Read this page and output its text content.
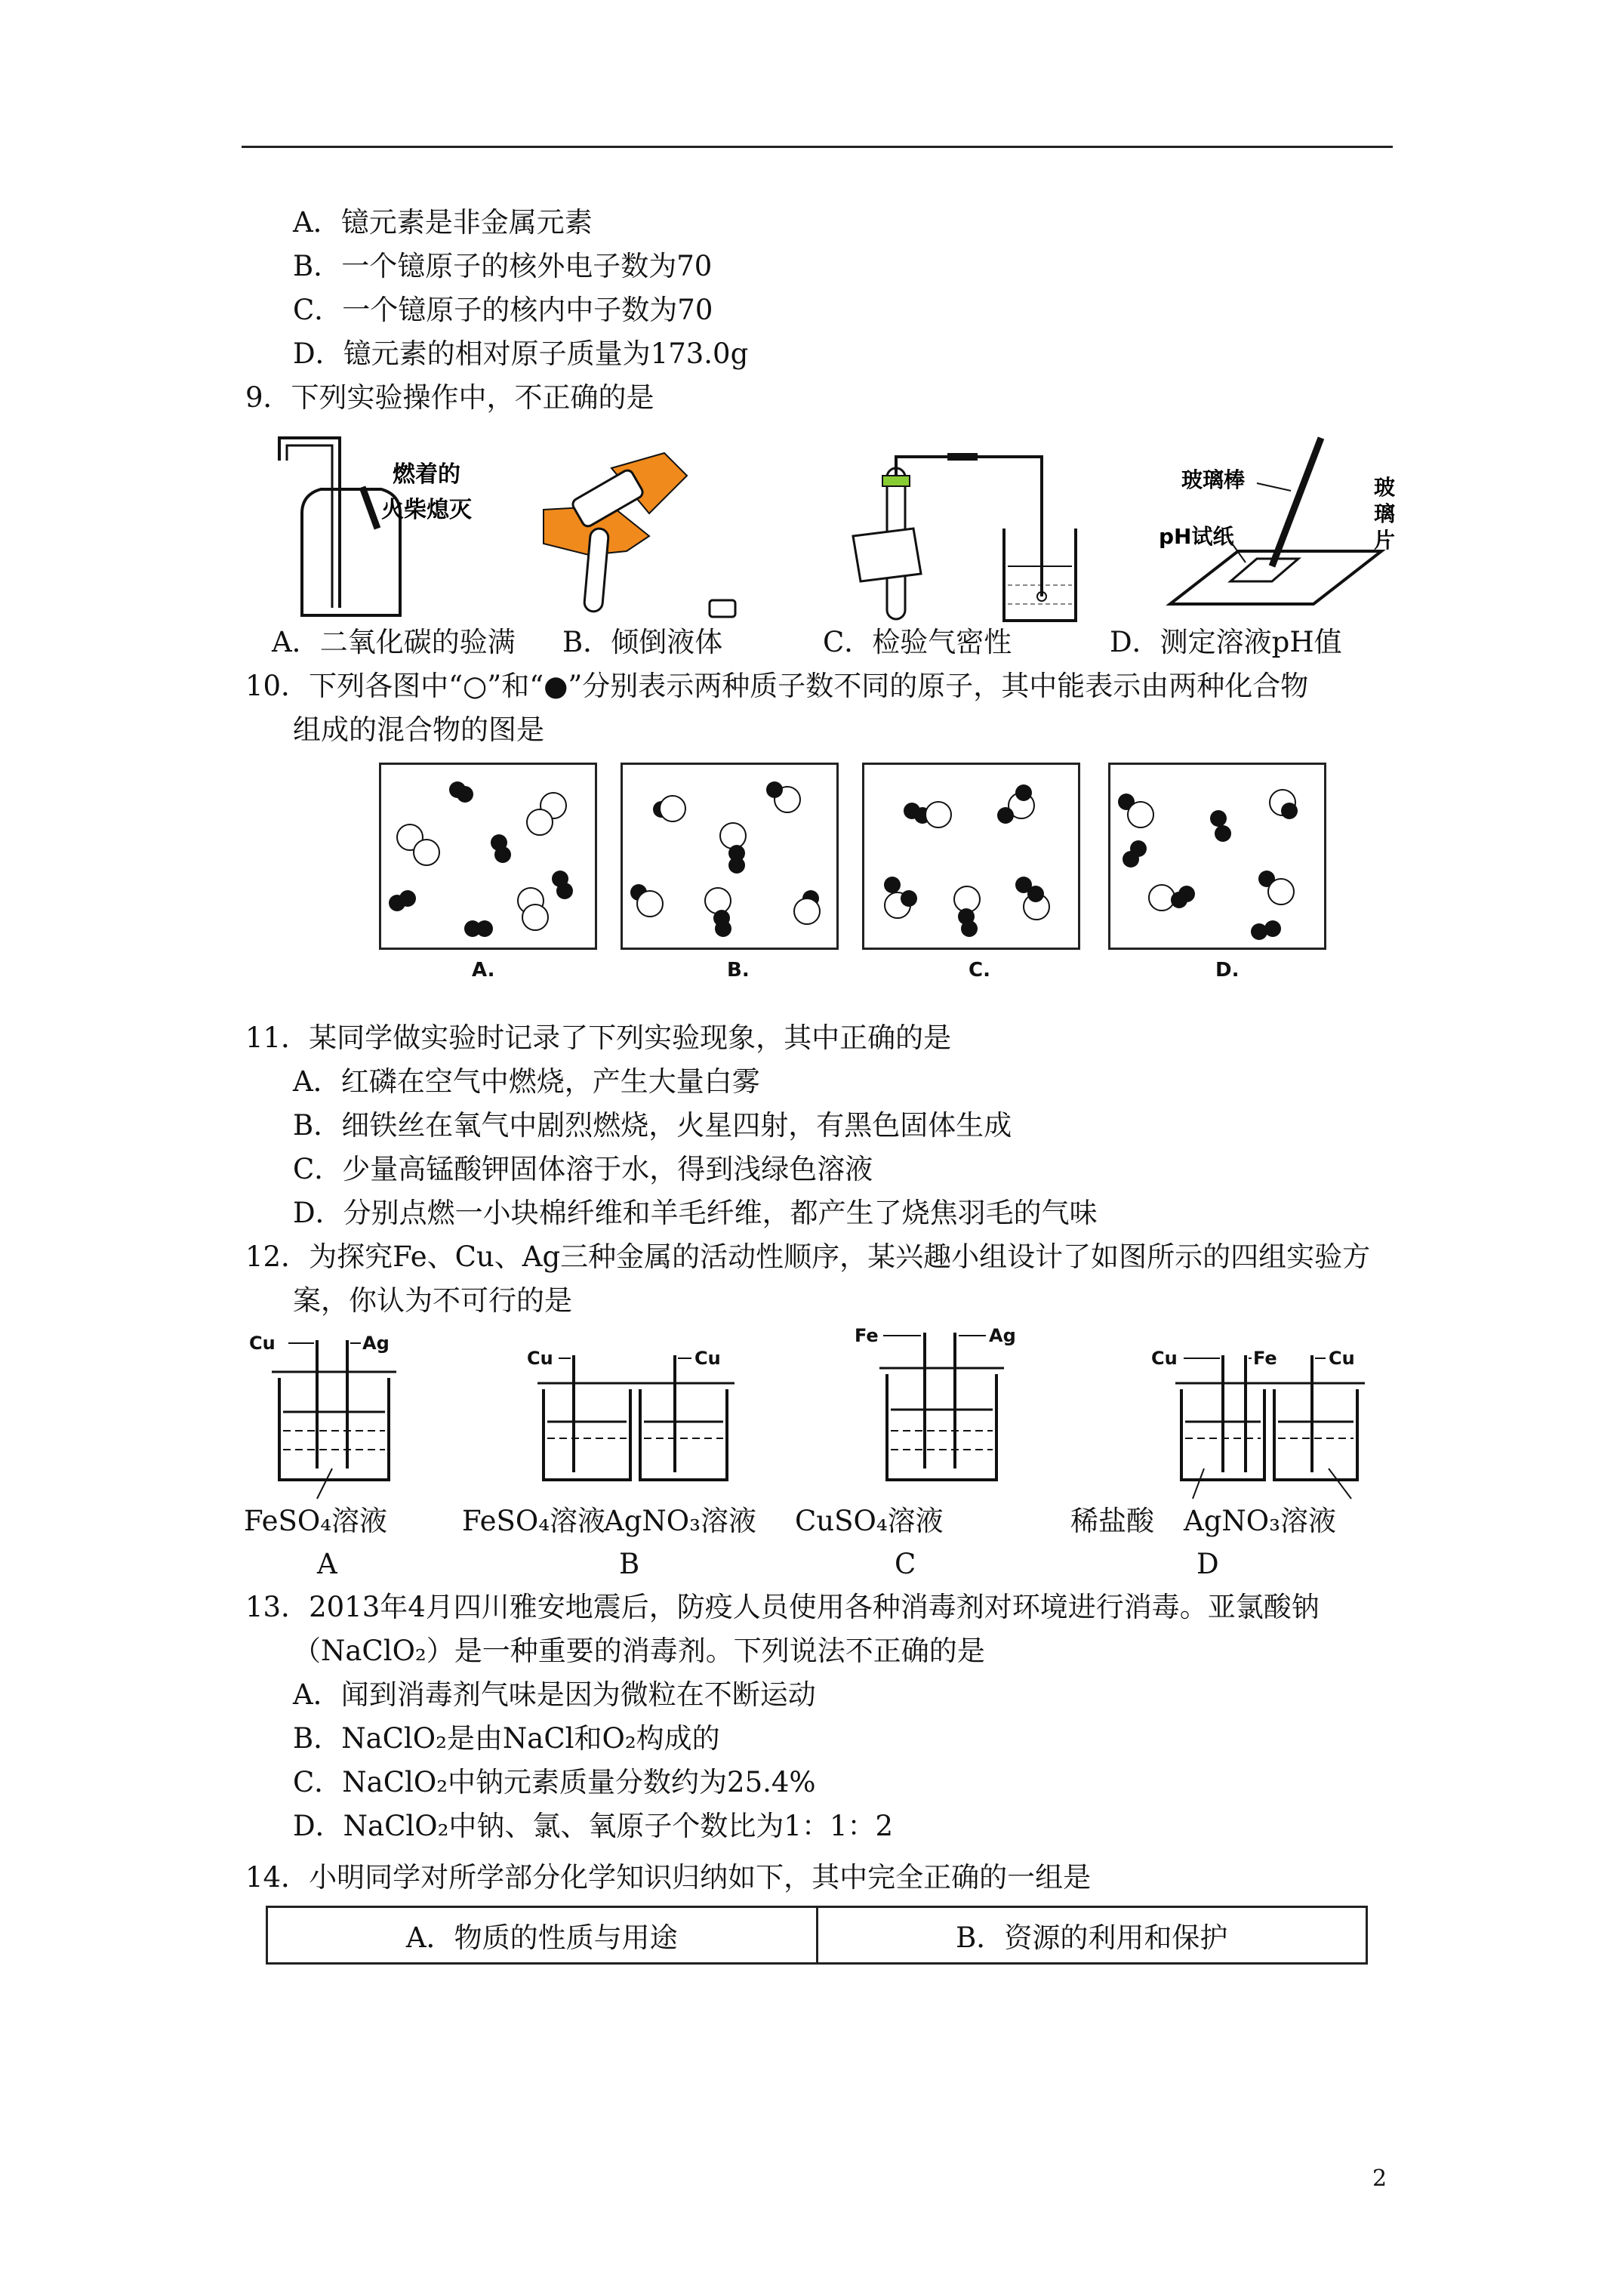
A．镱元素是非金属元素
B．一个镱原子的核外电子数为70
C．一个镱原子的核内中子数为70
D．镱元素的相对原子质量为173.0g
9．下列实验操作中，不正确的是
燃着的
火柴熄灭
玻璃棒
pH试纸
玻
璃
片
A．二氧化碳的验满 B．倾倒液体	C．检验气密性	D．测定溶液pH值
10．下列各图中“○”和“●”分别表示两种质子数不同的原子，其中能表示由两种化合物
组成的混合物的图是
A.	B.	C.	D.
11．某同学做实验时记录了下列实验现象，其中正确的是
A．红磷在空气中燃烧，产生大量白雾
B．细铁丝在氧气中剧烈燃烧，火星四射，有黑色固体生成
C．少量高锰酸钾固体溶于水，得到浅绿色溶液
D．分别点燃一小块棉纤维和羊毛纤维，都产生了烧焦羽毛的气味
12．为探究Fe、Cu、Ag三种金属的活动性顺序，某兴趣小组设计了如图所示的四组实验方
案，你认为不可行的是
Cu	Ag
Cu	Cu
Fe	Ag
Cu	Fe	Cu
FeSO₄溶液	FeSO₄溶液
AgNO₃溶液 CuSO₄溶液	稀盐酸 AgNO₃溶液
A	B	C	D
13．2013年4月四川雅安地震后，防疫人员使用各种消毒剂对环境进行消毒。亚氯酸钠
（NaClO₂）是一种重要的消毒剂。下列说法不正确的是
A．闻到消毒剂气味是因为微粒在不断运动
B．NaClO₂是由NaCl和O₂构成的
C．NaClO₂中钠元素质量分数约为25.4%
D．NaClO₂中钠、氯、氧原子个数比为1：1：2
14．小明同学对所学部分化学知识归纳如下，其中完全正确的一组是
A．物质的性质与用途	B．资源的利用和保护
2
